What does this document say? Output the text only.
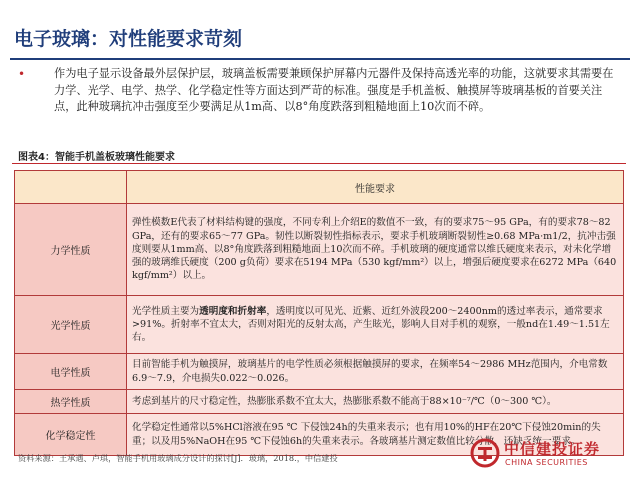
电子玻璃：对性能要求苛刻
•	作为电子显示设备最外层保护层，玻璃盖板需要兼顾保护屏幕内元器件及保持高透光率的功能，这就要求其需要在力学、光学、电学、热学、化学稳定性等方面达到严苛的标准。强度是手机盖板、触摸屏等玻璃基板的首要关注点，此种玻璃抗冲击强度至少要满足从1m高、以8°角度跌落到粗糙地面上10次而不碎。
图表4：智能手机盖板玻璃性能要求
	性能要求
力学性质	弹性模数E代表了材料结构键的强度，不同专利上介绍E的数值不一致，有的要求75～95 GPa，有的要求78～82 GPa，还有的要求65～77 GPa。韧性以断裂韧性指标表示，要求手机玻璃断裂韧性≥0.68 MPa·m1/2，抗冲击强度则要从1mm高、以8°角度跌落到粗糙地面上10次而不碎。手机玻璃的硬度通常以维氏硬度来表示，对未化学增强的玻璃维氏硬度（200 g负荷）要求在5194 MPa（530 kgf/mm²）以上，增强后硬度要求在6272 MPa（640 kgf/mm²）以上。
光学性质	光学性质主要为透明度和折射率，透明度以可见光、近紫、近红外波段200～2400nm的透过率表示，通常要求>91%。折射率不宜太大，否则对阳光的反射太高，产生眩光，影响人目对手机的观察，一般nd在1.49～1.51左右。
电学性质	目前智能手机为触摸屏，玻璃基片的电学性质必须根据触摸屏的要求，在频率54～2986 MHz范围内，介电常数6.9～7.9，介电损失0.022～0.026。
热学性质	考虑到基片的尺寸稳定性，热膨胀系数不宜太大，热膨胀系数不能高于88×10⁻⁷/℃（0～300 ℃）。
化学稳定性	化学稳定性通常以5%HCl溶液在95 ℃ 下侵蚀24h的失重来表示；也有用10%的HF在20℃下侵蚀20min的失重；以及用5%NaOH在95 ℃下侵蚀6h的失重来表示。各玻璃基片测定数值比较分散，还缺乏统一要求。
资料来源：王承遇、卢琪，智能手机用玻璃成分设计的探讨[J]．玻璃，2018.，中信建投	中信建投证券
CHINA SECURITIES
